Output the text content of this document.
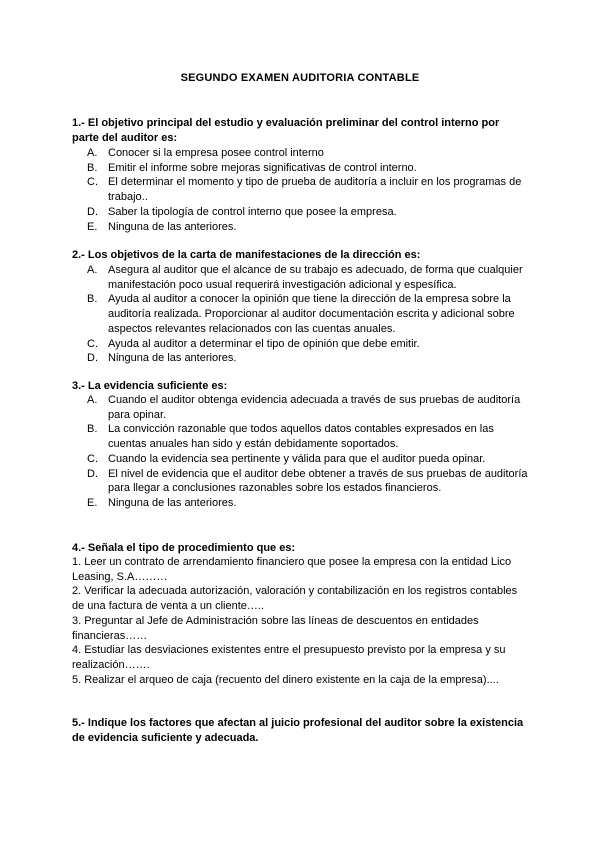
SEGUNDO EXAMEN AUDITORIA CONTABLE
1.- El objetivo principal del estudio y evaluación preliminar del control interno por parte del auditor es:
A. Conocer si la empresa posee control interno
B. Emitir el informe sobre mejoras significativas de control interno.
C. El determinar el momento y tipo de prueba de auditoría a incluir en los programas de trabajo..
D. Saber la tipología de control interno que posee la empresa.
E. Ninguna de las anteriores.
2.- Los objetivos de la carta de manifestaciones de la dirección es:
A. Asegura al auditor que el alcance de su trabajo es adecuado, de forma que cualquier manifestación poco usual requerirá investigación adicional y espesífica.
B. Ayuda al auditor a conocer la opinión que tiene la dirección de la empresa sobre la auditoría realizada. Proporcionar al auditor documentación escrita y adicional sobre aspectos relevantes relacionados con las cuentas anuales.
C. Ayuda al auditor a determinar el tipo de opinión que debe emitir.
D. Ninguna de las anteriores.
3.- La evidencia suficiente es:
A. Cuando el auditor obtenga evidencia adecuada a través de sus pruebas de auditoría para opinar.
B. La convicción razonable que todos aquellos datos contables expresados en las cuentas anuales han sido y están debidamente soportados.
C. Cuando la evidencia sea pertinente y válida para que el auditor pueda opinar.
D. El nivel de evidencia que el auditor debe obtener a través de sus pruebas de auditoría para llegar a conclusiones razonables sobre los estados financieros.
E. Ninguna de las anteriores.
4.- Señala el tipo de procedimiento que es:
1. Leer un contrato de arrendamiento financiero que posee la empresa con la entidad Lico Leasing, S.A………
2. Verificar la adecuada autorización, valoración y contabilización en los registros contables de una factura de venta a un cliente…..
3. Preguntar al Jefe de Administración sobre las líneas de descuentos en entidades financieras……
4. Estudiar las desviaciones existentes entre el presupuesto previsto por la empresa y su realización…….
5. Realizar el arqueo de caja (recuento del dinero existente en la caja de la empresa)....
5.- Indique los factores que afectan al juicio profesional del auditor sobre la existencia de evidencia suficiente y adecuada.
